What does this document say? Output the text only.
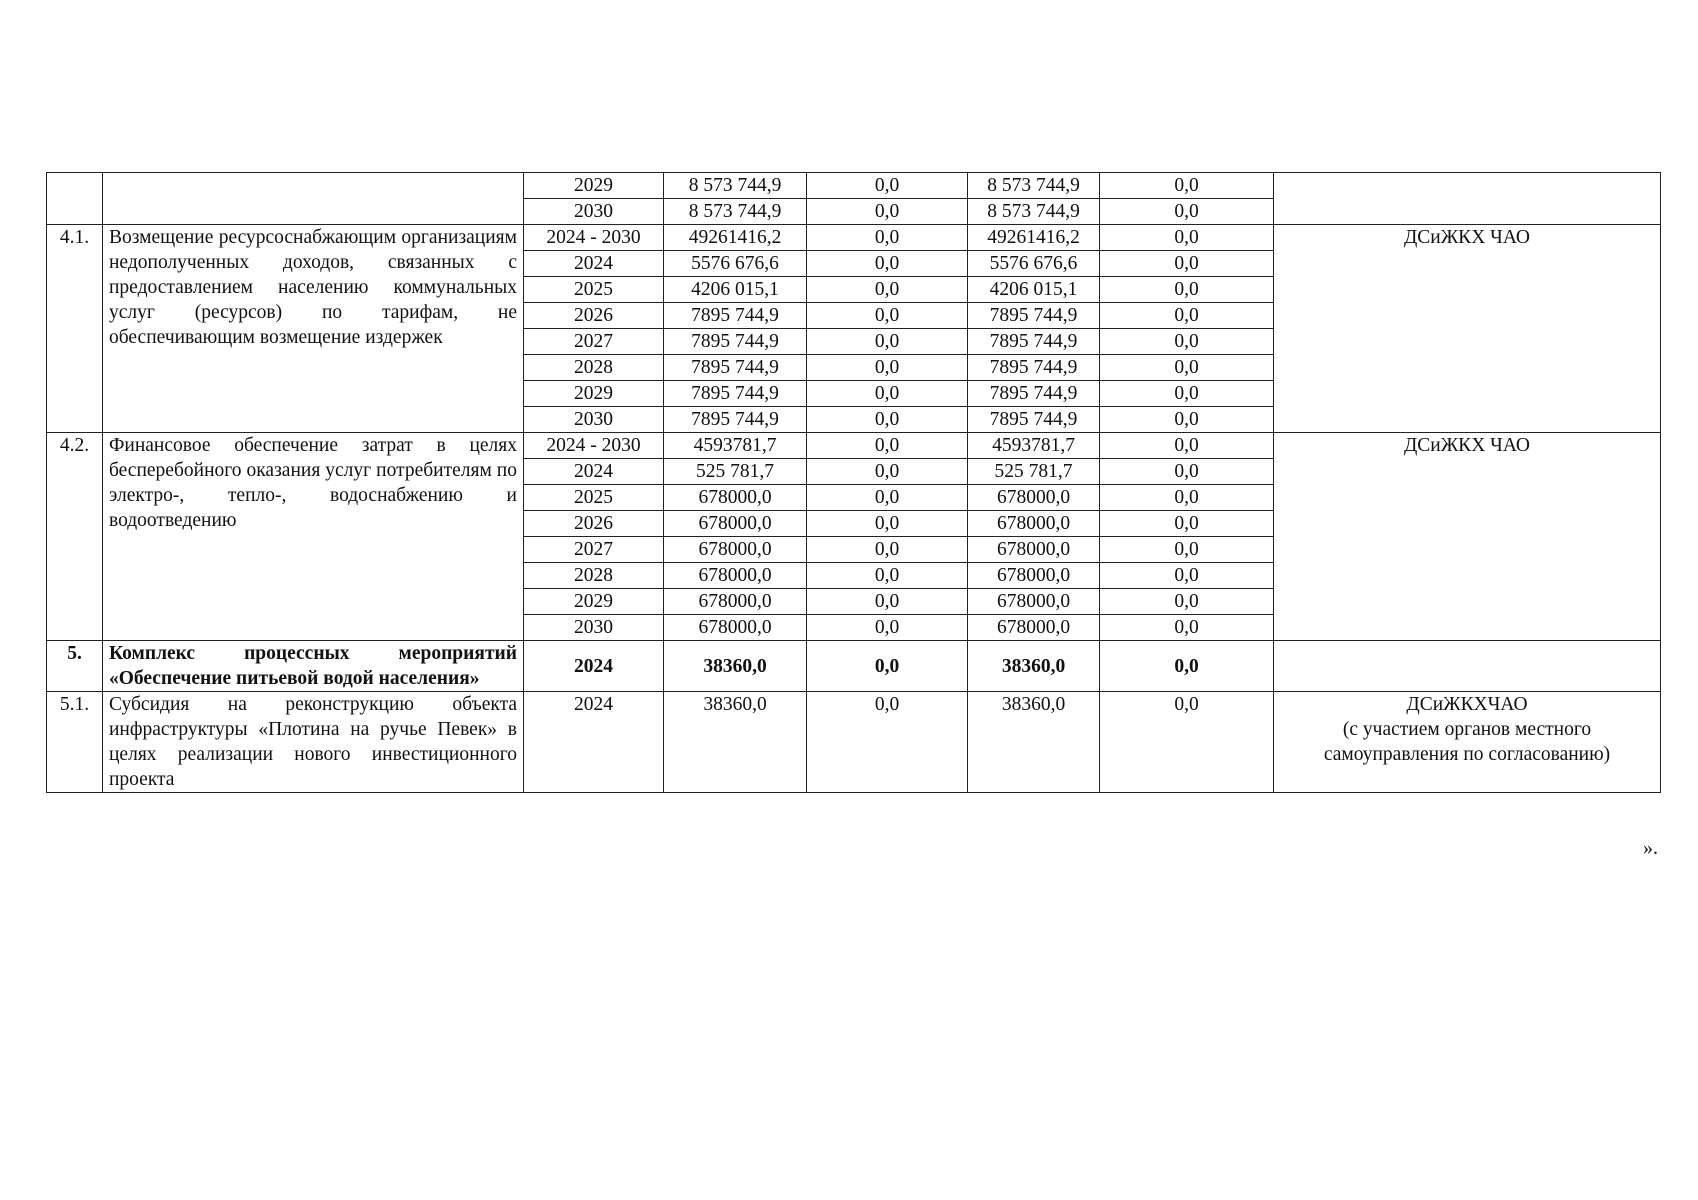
		2029	8 573 744,9	0,0	8 573 744,9	0,0	
		2030	8 573 744,9	0,0	8 573 744,9	0,0	
4.1.	Возмещение ресурсоснабжающим организациям недополученных доходов, связанных с предоставлением населению коммунальных услуг (ресурсов) по тарифам, не обеспечивающим возмещение издержек	2024 - 2030	49261416,2	0,0	49261416,2	0,0	ДСиЖКХ ЧАО
		2024	5576 676,6	0,0	5576 676,6	0,0	
		2025	4206 015,1	0,0	4206 015,1	0,0	
		2026	7895 744,9	0,0	7895 744,9	0,0	
		2027	7895 744,9	0,0	7895 744,9	0,0	
		2028	7895 744,9	0,0	7895 744,9	0,0	
		2029	7895 744,9	0,0	7895 744,9	0,0	
		2030	7895 744,9	0,0	7895 744,9	0,0	
4.2.	Финансовое обеспечение затрат в целях бесперебойного оказания услуг потребителям по электро-, тепло-, водоснабжению и водоотведению	2024 - 2030	4593781,7	0,0	4593781,7	0,0	ДСиЖКХ ЧАО
		2024	525 781,7	0,0	525 781,7	0,0	
		2025	678000,0	0,0	678000,0	0,0	
		2026	678000,0	0,0	678000,0	0,0	
		2027	678000,0	0,0	678000,0	0,0	
		2028	678000,0	0,0	678000,0	0,0	
		2029	678000,0	0,0	678000,0	0,0	
		2030	678000,0	0,0	678000,0	0,0	
5.	Комплекс процессных мероприятий «Обеспечение питьевой водой населения»	2024	38360,0	0,0	38360,0	0,0	
5.1.	Субсидия на реконструкцию объекта инфраструктуры «Плотина на ручье Певек» в целях реализации нового инвестиционного проекта	2024	38360,0	0,0	38360,0	0,0	ДСиЖКХЧАО
(с участием органов местного самоуправления по согласованию)
».
